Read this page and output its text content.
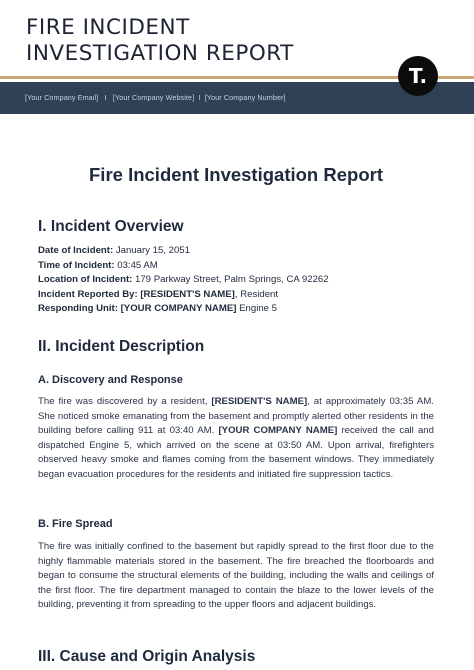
FIRE INCIDENT
INVESTIGATION REPORT
[Your Company Email]   I   [Your Company Website]  I  [Your Company Number]
T.
Fire Incident Investigation Report
I. Incident Overview
Date of Incident: January 15, 2051
Time of Incident: 03:45 AM
Location of Incident: 179 Parkway Street, Palm Springs, CA 92262
Incident Reported By: [RESIDENT'S NAME], Resident
Responding Unit: [YOUR COMPANY NAME] Engine 5
II. Incident Description
A. Discovery and Response

The fire was discovered by a resident, [RESIDENT'S NAME], at approximately 03:35 AM. She noticed smoke emanating from the basement and promptly alerted other residents in the building before calling 911 at 03:40 AM. [YOUR COMPANY NAME] received the call and dispatched Engine 5, which arrived on the scene at 03:50 AM. Upon arrival, firefighters observed heavy smoke and flames coming from the basement windows. They immediately began evacuation procedures for the residents and initiated fire suppression tactics.

B. Fire Spread

The fire was initially confined to the basement but rapidly spread to the first floor due to the highly flammable materials stored in the basement. The fire breached the floorboards and began to consume the structural elements of the building, including the walls and ceilings of the first floor. The fire department managed to contain the blaze to the lower levels of the building, preventing it from spreading to the upper floors and adjacent buildings.

III. Cause and Origin Analysis
